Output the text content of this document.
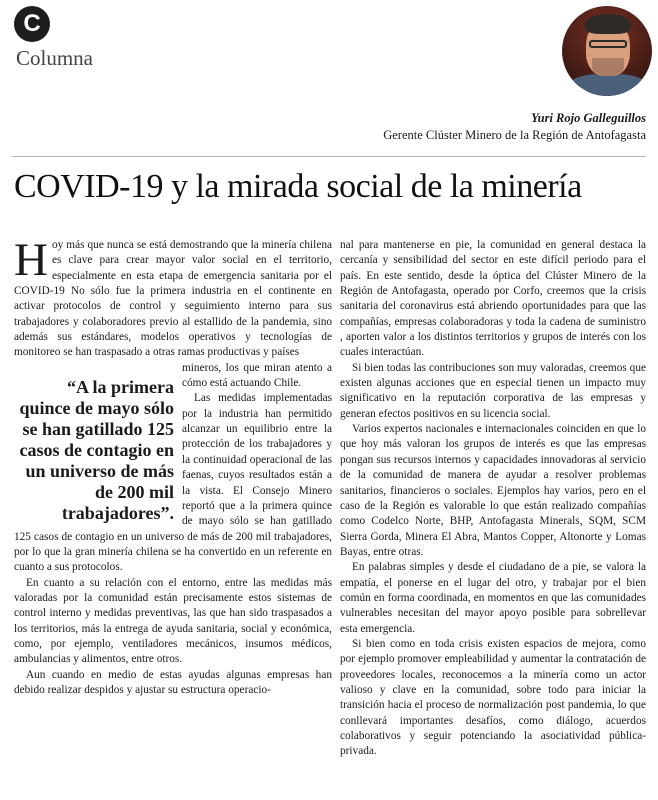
C
Columna
Yuri Rojo Galleguillos
Gerente Clúster Minero de la Región de Antofagasta
COVID-19 y la mirada social de la minería

Hoy más que nunca se está demostrando que la minería chilena es clave para crear mayor valor social en el territorio, especialmente en esta etapa de emergencia sanitaria por el COVID-19 No sólo fue la primera industria en el continente en activar protocolos de control y seguimiento interno para sus trabajadores y colaboradores previo al estallido de la pandemia, sino además sus estándares, modelos operativos y tecnologías de monitoreo se han traspasado a otras ramas productivas y países

“A la primera quince de mayo sólo se han gatillado 125 casos de contagio en un universo de más de 200 mil trabajadores”.
mineros, los que miran atento a cómo está actuando Chile.

Las medidas implementadas por la industria han permitido alcanzar un equilibrio entre la protección de los trabajadores y la continuidad operacional de las faenas, cuyos resultados están a la vista. El Consejo Minero reportó que a la primera quince de mayo sólo se han gatillado 125 casos de contagio en un universo de más de 200 mil trabajadores, por lo que la gran minería chilena se ha convertido en un referente en cuanto a sus protocolos.

En cuanto a su relación con el entorno, entre las medidas más valoradas por la comunidad están precisamente estos sistemas de control interno y medidas preventivas, las que han sido traspasados a los territorios, más la entrega de ayuda sanitaria, social y económica, como, por ejemplo, ventiladores mecánicos, insumos médicos, ambulancias y alimentos, entre otros.

Aun cuando en medio de estas ayudas algunas empresas han debido realizar despidos y ajustar su estructura operacio-

nal para mantenerse en pie, la comunidad en general destaca la cercanía y sensibilidad del sector en este difícil periodo para el país. En este sentido, desde la óptica del Clúster Minero de la Región de Antofagasta, operado por Corfo, creemos que la crisis sanitaria del coronavirus está abriendo oportunidades para que las compañías, empresas colaboradoras y toda la cadena de suministro , aporten valor a los distintos territorios y grupos de interés con los cuales interactúan.

Si bien todas las contribuciones son muy valoradas, creemos que existen algunas acciones que en especial tienen un impacto muy significativo en la reputación corporativa de las empresas y generan efectos positivos en su licencia social.

Varios expertos nacionales e internacionales coinciden en que lo que hoy más valoran los grupos de interés es que las empresas pongan sus recursos internos y capacidades innovadoras al servicio de la comunidad de manera de ayudar a resolver problemas sanitarios, financieros o sociales. Ejemplos hay varios, pero en el caso de la Región es valorable lo que están realizado compañías como Codelco Norte, BHP, Antofagasta Minerals, SQM, SCM Sierra Gorda, Minera El Abra, Mantos Copper, Altonorte y Lomas Bayas, entre otras.

En palabras simples y desde el ciudadano de a pie, se valora la empatía, el ponerse en el lugar del otro, y trabajar por el bien común en forma coordinada, en momentos en que las comunidades vulnerables necesitan del mayor apoyo posible para sobrellevar esta emergencia.

Si bien como en toda crisis existen espacios de mejora, como por ejemplo promover empleabilidad y aumentar la contratación de proveedores locales, reconocemos a la minería como un actor valioso y clave en la comunidad, sobre todo para iniciar la transición hacia el proceso de normalización post pandemia, lo que conllevará importantes desafíos, como diálogo, acuerdos colaborativos y seguir potenciando la asociatividad pública-privada.
